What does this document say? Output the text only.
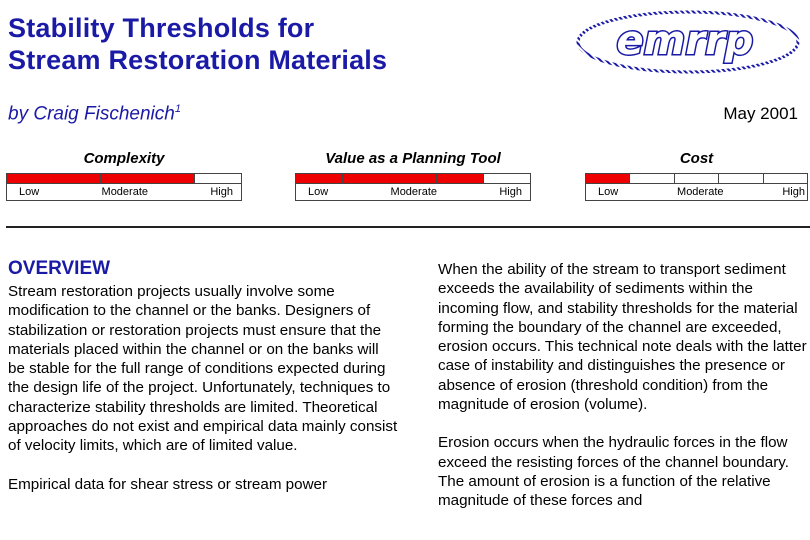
Stability Thresholds for
Stream Restoration Materials	emrrp
by Craig Fischenich$^1$	May 2001
Complexity
Low	Moderate	High
Value as a Planning Tool
Low	Moderate	High
Cost
Low	Moderate	High
OVERVIEW

Stream restoration projects usually involve some modification to the channel or the banks. Designers of stabilization or restoration projects must ensure that the materials placed within the channel or on the banks will be stable for the full range of conditions expected during the design life of the project. Unfortunately, techniques to characterize stability thresholds are limited. Theoretical approaches do not exist and empirical data mainly consist of velocity limits, which are of limited value.

Empirical data for shear stress or stream power

When the ability of the stream to transport sediment exceeds the availability of sediments within the incoming flow, and stability thresholds for the material forming the boundary of the channel are exceeded, erosion occurs. This technical note deals with the latter case of instability and distinguishes the presence or absence of erosion (threshold condition) from the magnitude of erosion (volume).

Erosion occurs when the hydraulic forces in the flow exceed the resisting forces of the channel boundary. The amount of erosion is a function of the relative magnitude of these forces and
